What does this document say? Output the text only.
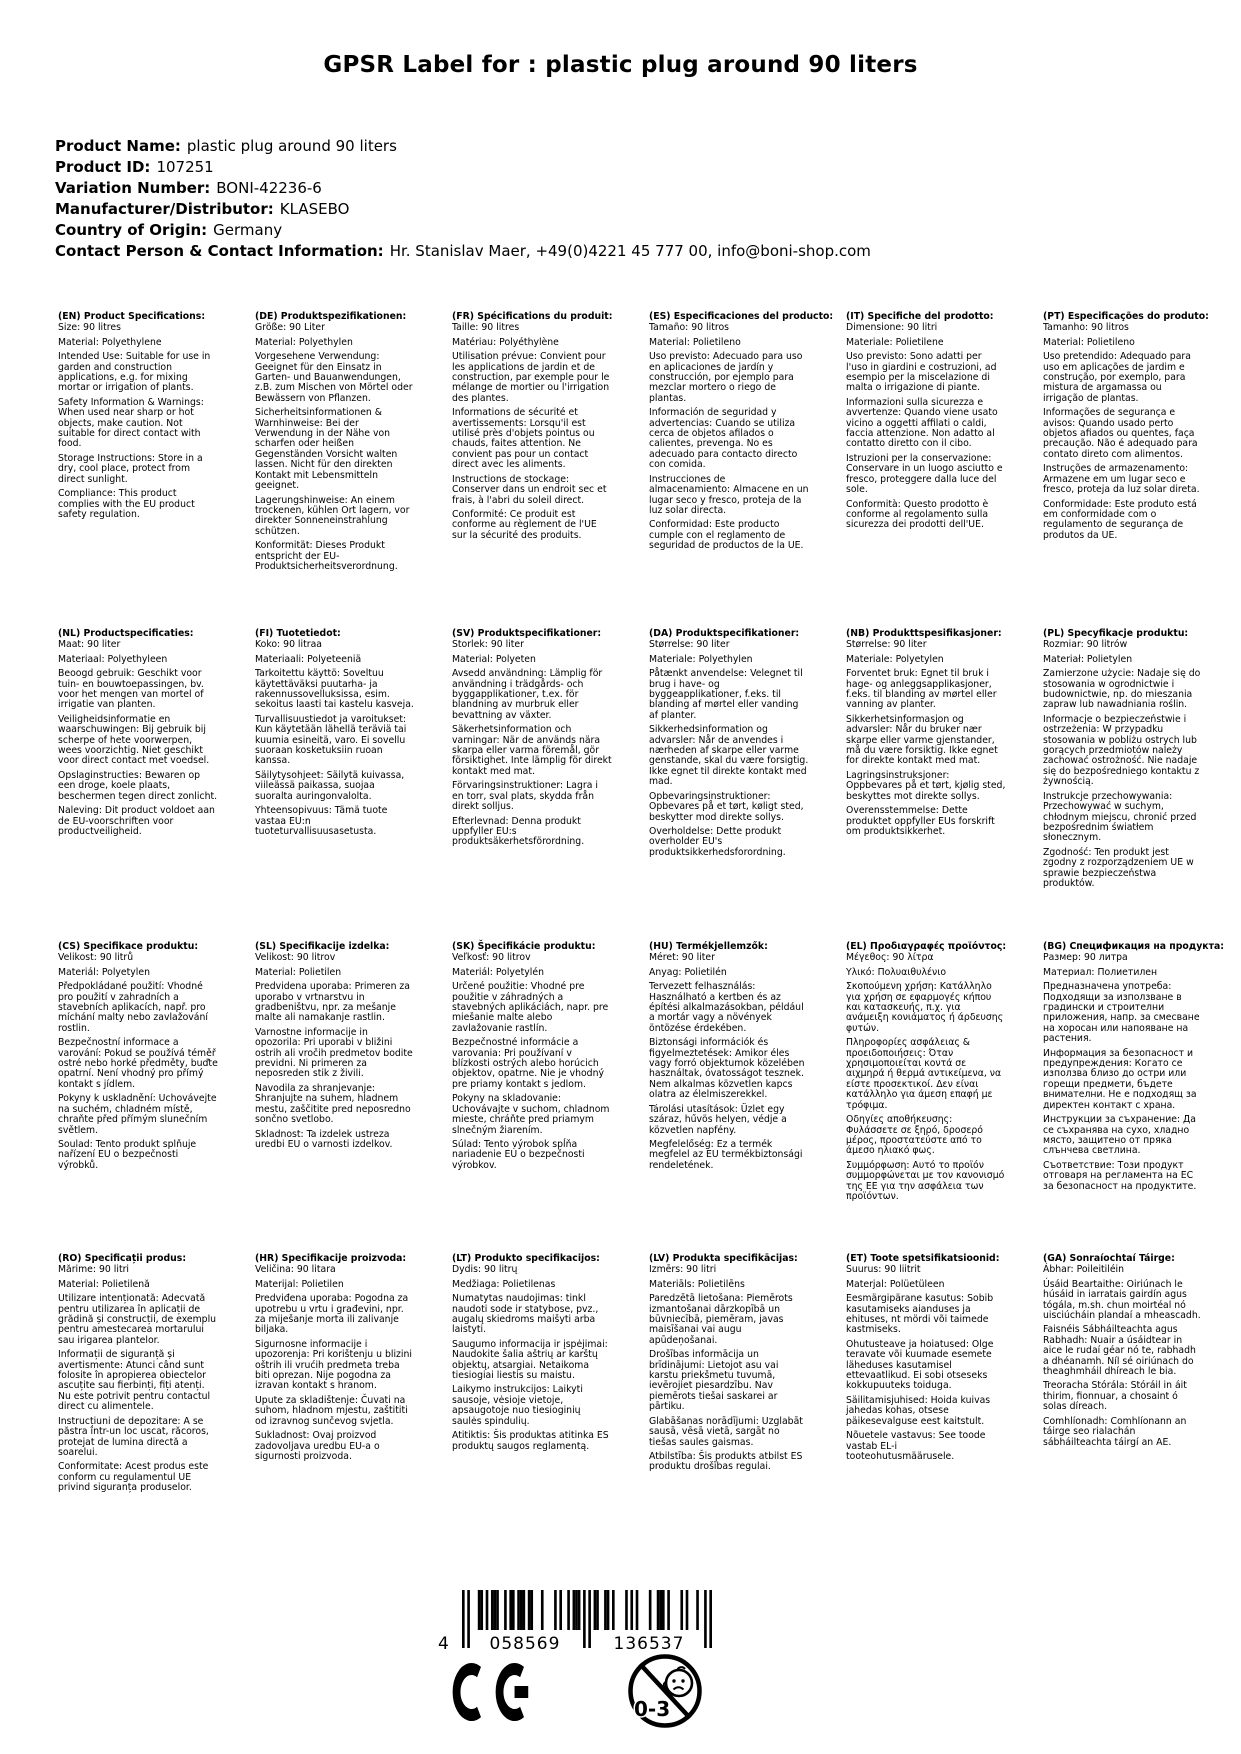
GPSR Label for : plastic plug around 90 liters
Product Name: plastic plug around 90 liters
Product ID: 107251
Variation Number: BONI-42236-6
Manufacturer/Distributor: KLASEBO
Country of Origin: Germany
Contact Person & Contact Information: Hr. Stanislav Maer, +49(0)4221 45 777 00, info@boni-shop.com
(EN) Product Specifications:

Size: 90 litres

Material: Polyethylene

Intended Use: Suitable for use in garden and construction applications, e.g. for mixing mortar or irrigation of plants.

Safety Information & Warnings: When used near sharp or hot objects, make caution. Not suitable for direct contact with food.

Storage Instructions: Store in a dry, cool place, protect from direct sunlight.

Compliance: This product complies with the EU product safety regulation.

(DE) Produktspezifikationen:

Größe: 90 Liter

Material: Polyethylen

Vorgesehene Verwendung: Geeignet für den Einsatz in Garten- und Bauanwendungen, z.B. zum Mischen von Mörtel oder Bewässern von Pflanzen.

Sicherheitsinformationen & Warnhinweise: Bei der Verwendung in der Nähe von scharfen oder heißen Gegenständen Vorsicht walten lassen. Nicht für den direkten Kontakt mit Lebensmitteln geeignet.

Lagerungshinweise: An einem trockenen, kühlen Ort lagern, vor direkter Sonneneinstrahlung schützen.

Konformität: Dieses Produkt entspricht der EU-Produktsicherheitsverordnung.

(FR) Spécifications du produit:

Taille: 90 litres

Matériau: Polyéthylène

Utilisation prévue: Convient pour les applications de jardin et de construction, par exemple pour le mélange de mortier ou l'irrigation des plantes.

Informations de sécurité et avertissements: Lorsqu'il est utilisé près d'objets pointus ou chauds, faites attention. Ne convient pas pour un contact direct avec les aliments.

Instructions de stockage: Conserver dans un endroit sec et frais, à l'abri du soleil direct.

Conformité: Ce produit est conforme au règlement de l'UE sur la sécurité des produits.

(ES) Especificaciones del producto:

Tamaño: 90 litros

Material: Polietileno

Uso previsto: Adecuado para uso en aplicaciones de jardín y construcción, por ejemplo para mezclar mortero o riego de plantas.

Información de seguridad y advertencias: Cuando se utiliza cerca de objetos afilados o calientes, prevenga. No es adecuado para contacto directo con comida.

Instrucciones de almacenamiento: Almacene en un lugar seco y fresco, proteja de la luz solar directa.

Conformidad: Este producto cumple con el reglamento de seguridad de productos de la UE.

(IT) Specifiche del prodotto:

Dimensione: 90 litri

Materiale: Polietilene

Uso previsto: Sono adatti per l'uso in giardini e costruzioni, ad esempio per la miscelazione di malta o irrigazione di piante.

Informazioni sulla sicurezza e avvertenze: Quando viene usato vicino a oggetti affilati o caldi, faccia attenzione. Non adatto al contatto diretto con il cibo.

Istruzioni per la conservazione: Conservare in un luogo asciutto e fresco, proteggere dalla luce del sole.

Conformità: Questo prodotto è conforme al regolamento sulla sicurezza dei prodotti dell'UE.

(PT) Especificações do produto:

Tamanho: 90 litros

Material: Polietileno

Uso pretendido: Adequado para uso em aplicações de jardim e construção, por exemplo, para mistura de argamassa ou irrigação de plantas.

Informações de segurança e avisos: Quando usado perto objetos afiados ou quentes, faça precaução. Não é adequado para contato direto com alimentos.

Instruções de armazenamento: Armazene em um lugar seco e fresco, proteja da luz solar direta.

Conformidade: Este produto está em conformidade com o regulamento de segurança de produtos da UE.

(NL) Productspecificaties:

Maat: 90 liter

Materiaal: Polyethyleen

Beoogd gebruik: Geschikt voor tuin- en bouwtoepassingen, bv. voor het mengen van mortel of irrigatie van planten.

Veiligheidsinformatie en waarschuwingen: Bij gebruik bij scherpe of hete voorwerpen, wees voorzichtig. Niet geschikt voor direct contact met voedsel.

Opslaginstructies: Bewaren op een droge, koele plaats, beschermen tegen direct zonlicht.

Naleving: Dit product voldoet aan de EU-voorschriften voor productveiligheid.

(FI) Tuotetiedot:

Koko: 90 litraa

Materiaali: Polyeteeniä

Tarkoitettu käyttö: Soveltuu käytettäväksi puutarha- ja rakennussovelluksissa, esim. sekoitus laasti tai kastelu kasveja.

Turvallisuustiedot ja varoitukset: Kun käytetään lähellä teräviä tai kuumia esineitä, varo. Ei sovellu suoraan kosketuksiin ruoan kanssa.

Säilytysohjeet: Säilytä kuivassa, viileässä paikassa, suojaa suoralta auringonvalolta.

Yhteensopivuus: Tämä tuote vastaa EU:n tuoteturvallisuusasetusta.

(SV) Produktspecifikationer:

Storlek: 90 liter

Material: Polyeten

Avsedd användning: Lämplig för användning i trädgårds- och byggapplikationer, t.ex. för blandning av murbruk eller bevattning av växter.

Säkerhetsinformation och varningar: När de används nära skarpa eller varma föremål, gör försiktighet. Inte lämplig för direkt kontakt med mat.

Förvaringsinstruktioner: Lagra i en torr, sval plats, skydda från direkt solljus.

Efterlevnad: Denna produkt uppfyller EU:s produktsäkerhetsförordning.

(DA) Produktspecifikationer:

Størrelse: 90 liter

Materiale: Polyethylen

Påtænkt anvendelse: Velegnet til brug i have- og byggeapplikationer, f.eks. til blanding af mørtel eller vanding af planter.

Sikkerhedsinformation og advarsler: Når de anvendes i nærheden af skarpe eller varme genstande, skal du være forsigtig. Ikke egnet til direkte kontakt med mad.

Opbevaringsinstruktioner: Opbevares på et tørt, køligt sted, beskytter mod direkte sollys.

Overholdelse: Dette produkt overholder EU's produktsikkerhedsforordning.

(NB) Produkttspesifikasjoner:

Størrelse: 90 liter

Materiale: Polyetylen

Forventet bruk: Egnet til bruk i hage- og anleggsapplikasjoner, f.eks. til blanding av mørtel eller vanning av planter.

Sikkerhetsinformasjon og advarsler: Når du bruker nær skarpe eller varme gjenstander, må du være forsiktig. Ikke egnet for direkte kontakt med mat.

Lagringsinstruksjoner: Oppbevares på et tørt, kjølig sted, beskyttes mot direkte sollys.

Overensstemmelse: Dette produktet oppfyller EUs forskrift om produktsikkerhet.

(PL) Specyfikacje produktu:

Rozmiar: 90 litrów

Materiał: Polietylen

Zamierzone użycie: Nadaje się do stosowania w ogrodnictwie i budownictwie, np. do mieszania zapraw lub nawadniania roślin.

Informacje o bezpieczeństwie i ostrzeżenia: W przypadku stosowania w pobliżu ostrych lub gorących przedmiotów należy zachować ostrożność. Nie nadaje się do bezpośredniego kontaktu z żywnością.

Instrukcje przechowywania: Przechowywać w suchym, chłodnym miejscu, chronić przed bezpośrednim światłem słonecznym.

Zgodność: Ten produkt jest zgodny z rozporządzeniem UE w sprawie bezpieczeństwa produktów.

(CS) Specifikace produktu:

Velikost: 90 litrů

Materiál: Polyetylen

Předpokládané použití: Vhodné pro použití v zahradních a stavebních aplikacích, např. pro míchání malty nebo zavlažování rostlin.

Bezpečnostní informace a varování: Pokud se používá téměř ostré nebo horké předměty, buďte opatrní. Není vhodný pro přímý kontakt s jídlem.

Pokyny k uskladnění: Uchovávejte na suchém, chladném místě, chraňte před přímým slunečním světlem.

Soulad: Tento produkt splňuje nařízení EU o bezpečnosti výrobků.

(SL) Specifikacije izdelka:

Velikost: 90 litrov

Material: Polietilen

Predvidena uporaba: Primeren za uporabo v vrtnarstvu in gradbeništvu, npr. za mešanje malte ali namakanje rastlin.

Varnostne informacije in opozorila: Pri uporabi v bližini ostrih ali vročih predmetov bodite previdni. Ni primeren za neposreden stik z živili.

Navodila za shranjevanje: Shranjujte na suhem, hladnem mestu, zaščitite pred neposredno sončno svetlobo.

Skladnost: Ta izdelek ustreza uredbi EU o varnosti izdelkov.

(SK) Špecifikácie produktu:

Veľkosť: 90 litrov

Materiál: Polyetylén

Určené použitie: Vhodné pre použitie v záhradných a stavebných aplikáciách, napr. pre miešanie malte alebo zavlažovanie rastlín.

Bezpečnostné informácie a varovania: Pri používaní v blízkosti ostrých alebo horúcich objektov, opatrne. Nie je vhodný pre priamy kontakt s jedlom.

Pokyny na skladovanie: Uchovávajte v suchom, chladnom mieste, chráňte pred priamym slnečným žiarením.

Súlad: Tento výrobok spĺňa nariadenie EÚ o bezpečnosti výrobkov.

(HU) Termékjellemzők:

Méret: 90 liter

Anyag: Polietilén

Tervezett felhasználás: Használható a kertben és az építési alkalmazásokban, például a mortár vagy a növények öntözése érdekében.

Biztonsági információk és figyelmeztetések: Amikor éles vagy forró objektumok közelében használtak, óvatosságot tesznek. Nem alkalmas közvetlen kapcs olatra az élelmiszerekkel.

Tárolási utasítások: Üzlet egy száraz, hűvös helyen, védje a közvetlen napfény.

Megfelelőség: Ez a termék megfelel az EU termékbiztonsági rendeletének.

(EL) Προδιαγραφές προϊόντος:

Μέγεθος: 90 λίτρα

Υλικό: Πολυαιθυλένιο

Σκοπούμενη χρήση: Κατάλληλο για χρήση σε εφαρμογές κήπου και κατασκευής, π.χ. για ανάμειξη κονιάματος ή άρδευσης φυτών.

Πληροφορίες ασφάλειας & προειδοποιήσεις: Όταν χρησιμοποιείται κοντά σε αιχμηρά ή θερμά αντικείμενα, να είστε προσεκτικοί. Δεν είναι κατάλληλο για άμεση επαφή με τρόφιμα.

Οδηγίες αποθήκευσης: Φυλάσσετε σε ξηρό, δροσερό μέρος, προστατεύστε από το άμεσο ηλιακό φως.

Συμμόρφωση: Αυτό το προϊόν συμμορφώνεται με τον κανονισμό της ΕΕ για την ασφάλεια των προϊόντων.

(BG) Спецификация на продукта:

Размер: 90 литра

Материал: Полиетилен

Предназначена употреба: Подходящи за използване в градински и строителни приложения, напр. за смесване на хоросан или напояване на растения.

Информация за безопасност и предупреждения: Когато се използва близо до остри или горещи предмети, бъдете внимателни. Не е подходящ за директен контакт с храна.

Инструкции за съхранение: Да се съхранява на сухо, хладно място, защитено от пряка слънчева светлина.

Съответствие: Този продукт отговаря на регламента на ЕС за безопасност на продуктите.

(RO) Specificații produs:

Mărime: 90 litri

Material: Polietilenă

Utilizare intenționată: Adecvată pentru utilizarea în aplicații de grădină și construcții, de exemplu pentru amestecarea mortarului sau irigarea plantelor.

Informații de siguranță și avertismente: Atunci când sunt folosite în apropierea obiectelor ascuțite sau fierbinți, fiți atenți. Nu este potrivit pentru contactul direct cu alimentele.

Instrucțiuni de depozitare: A se păstra într-un loc uscat, răcoros, protejat de lumina directă a soarelui.

Conformitate: Acest produs este conform cu regulamentul UE privind siguranța produselor.

(HR) Specifikacije proizvoda:

Veličina: 90 litara

Materijal: Polietilen

Predviđena uporaba: Pogodna za upotrebu u vrtu i građevini, npr. za miješanje morta ili zalivanje biljaka.

Sigurnosne informacije i upozorenja: Pri korištenju u blizini oštrih ili vrućih predmeta treba biti oprezan. Nije pogodna za izravan kontakt s hranom.

Upute za skladištenje: Čuvati na suhom, hladnom mjestu, zaštititi od izravnog sunčevog svjetla.

Sukladnost: Ovaj proizvod zadovoljava uredbu EU-a o sigurnosti proizvoda.

(LT) Produkto specifikacijos:

Dydis: 90 litrų

Medžiaga: Polietilenas

Numatytas naudojimas: tinkl naudoti sode ir statybose, pvz., augalų skiedroms maišyti arba laistyti.

Saugumo informacija ir įspėjimai: Naudokite šalia aštrių ar karštų objektų, atsargiai. Netaikoma tiesiogiai liestis su maistu.

Laikymo instrukcijos: Laikyti sausoje, vėsioje vietoje, apsaugotoje nuo tiesioginių saulės spindulių.

Atitiktis: Šis produktas atitinka ES produktų saugos reglamentą.

(LV) Produkta specifikācijas:

Izmērs: 90 litri

Materiāls: Polietilēns

Paredzētā lietošana: Piemērots izmantošanai dārzkopībā un būvniecībā, piemēram, javas maisīšanai vai augu apūdeņošanai.

Drošības informācija un brīdinājumi: Lietojot asu vai karstu priekšmetu tuvumā, ievērojiet piesardzību. Nav piemērots tiešai saskarei ar pārtiku.

Glabāšanas norādījumi: Uzglabāt sausā, vēsā vietā, sargāt no tiešas saules gaismas.

Atbilstība: Šis produkts atbilst ES produktu drošības regulai.

(ET) Toote spetsifikatsioonid:

Suurus: 90 liitrit

Materjal: Polüetüleen

Eesmärgipärane kasutus: Sobib kasutamiseks aianduses ja ehituses, nt mördi või taimede kastmiseks.

Ohutusteave ja hoiatused: Olge teravate või kuumade esemete läheduses kasutamisel ettevaatlikud. Ei sobi otseseks kokkupuuteks toiduga.

Säilitamisjuhised: Hoida kuivas jahedas kohas, otsese päikesevalguse eest kaitstult.

Nõuetele vastavus: See toode vastab EL-i tooteohutusmäärusele.

(GA) Sonraíochtaí Táirge:

Ábhar: Poileitiléin

Úsáid Beartaithe: Oiriúnach le húsáid in iarratais gairdín agus tógála, m.sh. chun moirtéal nó uisciúcháin plandaí a mheascadh.

Faisnéis Sábháilteachta agus Rabhadh: Nuair a úsáidtear in aice le rudaí géar nó te, rabhadh a dhéanamh. Níl sé oiriúnach do theaghmháil dhíreach le bia.

Treoracha Stórála: Stóráil in áit thirim, fionnuar, a chosaint ó solas díreach.

Comhlíonadh: Comhlíonann an táirge seo rialachán sábháilteachta táirgí an AE.

4	058569	136537
0-3
